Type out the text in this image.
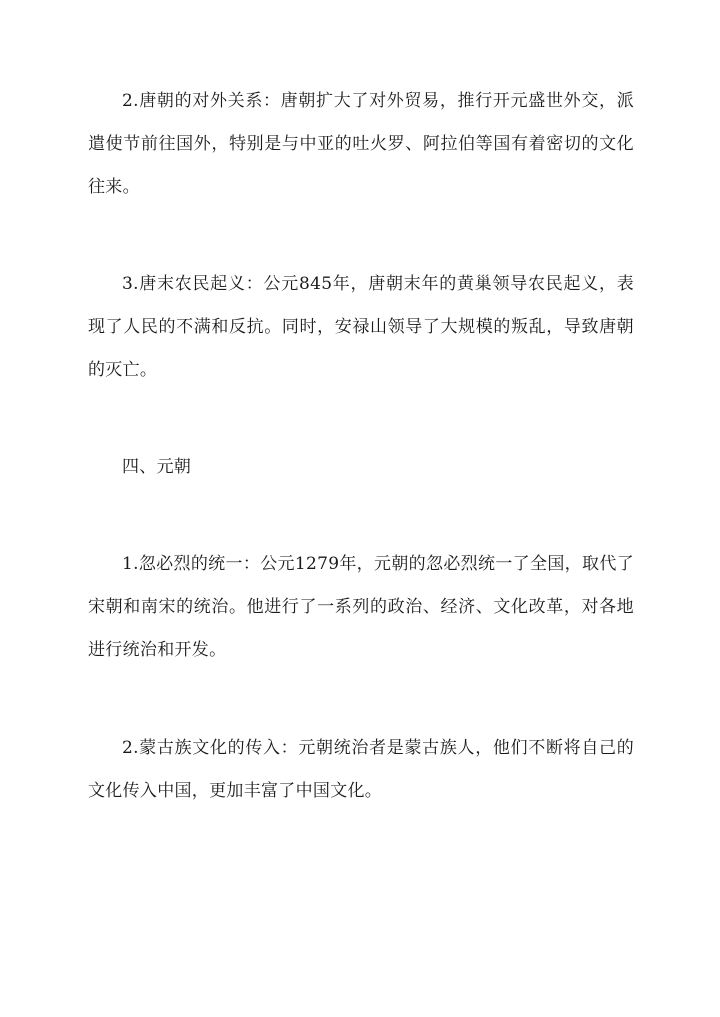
2.唐朝的对外关系：唐朝扩大了对外贸易，推行开元盛世外交，派遣使节前往国外，特别是与中亚的吐火罗、阿拉伯等国有着密切的文化往来。

3.唐末农民起义：公元845年，唐朝末年的黄巢领导农民起义，表现了人民的不满和反抗。同时，安禄山领导了大规模的叛乱，导致唐朝的灭亡。

四、元朝

1.忽必烈的统一：公元1279年，元朝的忽必烈统一了全国，取代了宋朝和南宋的统治。他进行了一系列的政治、经济、文化改革，对各地进行统治和开发。

2.蒙古族文化的传入：元朝统治者是蒙古族人，他们不断将自己的文化传入中国，更加丰富了中国文化。
